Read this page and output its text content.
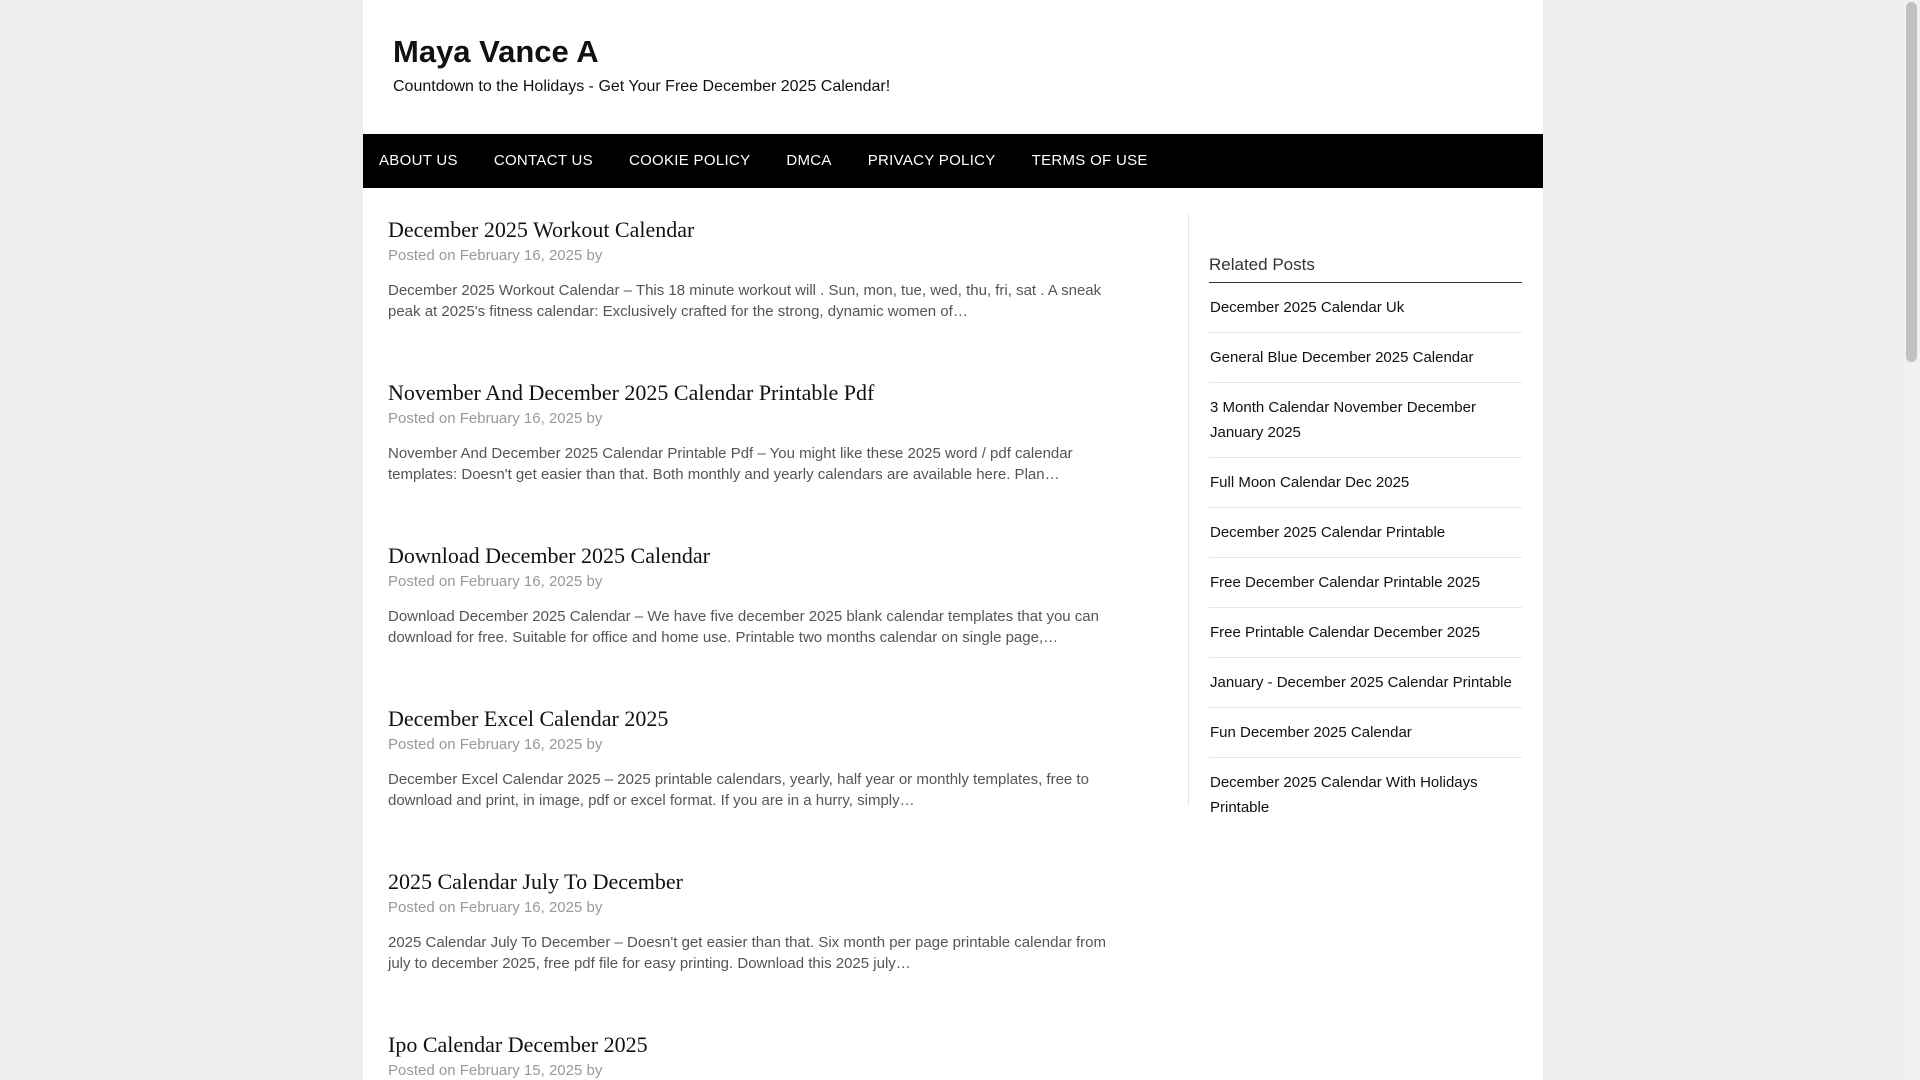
Maya Vance A

Countdown to the Holidays - Get Your Free December 2025 Calendar!

ABOUT US	CONTACT US	COOKIE POLICY	DMCA	PRIVACY POLICY	TERMS OF USE
December 2025 Workout Calendar
Posted on February 16, 2025 by

December 2025 Workout Calendar – This 18 minute workout will . Sun, mon, tue, wed, thu, fri, sat . A sneak peak at 2025's fitness calendar: Exclusively crafted for the strong, dynamic women of…

November And December 2025 Calendar Printable Pdf
Posted on February 16, 2025 by

November And December 2025 Calendar Printable Pdf – You might like these 2025 word / pdf calendar templates: Doesn't get easier than that. Both monthly and yearly calendars are available here. Plan…

Download December 2025 Calendar
Posted on February 16, 2025 by

Download December 2025 Calendar – We have five december 2025 blank calendar templates that you can download for free. Suitable for office and home use. Printable two months calendar on single page,…

December Excel Calendar 2025
Posted on February 16, 2025 by

December Excel Calendar 2025 – 2025 printable calendars, yearly, half year or monthly templates, free to download and print, in image, pdf or excel format. If you are in a hurry, simply…

2025 Calendar July To December
Posted on February 16, 2025 by

2025 Calendar July To December – Doesn't get easier than that. Six month per page printable calendar from july to december 2025, free pdf file for easy printing. Download this 2025 july…

Ipo Calendar December 2025
Posted on February 15, 2025 by

Related Posts
December 2025 Calendar Uk
General Blue December 2025 Calendar
3 Month Calendar November December January 2025
Full Moon Calendar Dec 2025
December 2025 Calendar Printable
Free December Calendar Printable 2025
Free Printable Calendar December 2025
January - December 2025 Calendar Printable
Fun December 2025 Calendar
December 2025 Calendar With Holidays Printable
